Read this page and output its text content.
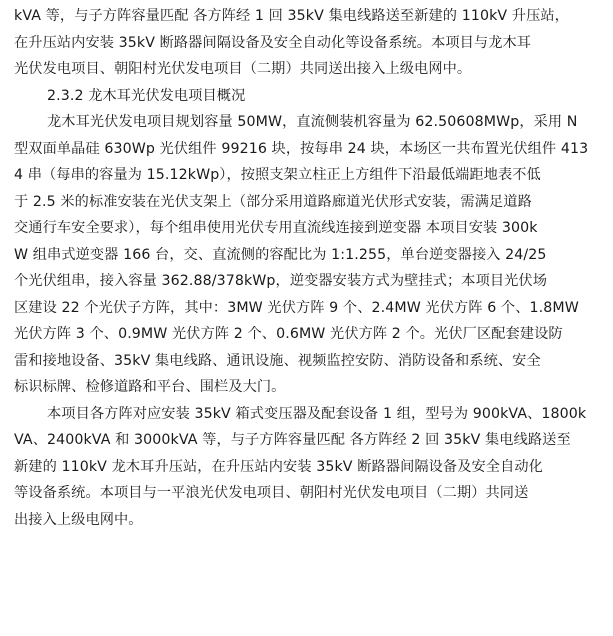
kVA 等，与子方阵容量匹配 各方阵经 1 回 35kV 集电线路送至新建的 110kV 升压站，
在升压站内安装 35kV 断路器间隔设备及安全自动化等设备系统。本项目与龙木耳
光伏发电项目、朝阳村光伏发电项目（二期）共同送出接入上级电网中。
2.3.2 龙木耳光伏发电项目概况
龙木耳光伏发电项目规划容量 50MW，直流侧装机容量为 62.50608MWp，采用 N
型双面单晶硅 630Wp 光伏组件 99216 块，按每串 24 块，本场区一共布置光伏组件 413
4 串（每串的容量为 15.12kWp），按照支架立柱正上方组件下沿最低端距地表不低
于 2.5 米的标准安装在光伏支架上（部分采用道路廊道光伏形式安装，需满足道路
交通行车安全要求），每个组串使用光伏专用直流线连接到逆变器 本项目安装 300k
W 组串式逆变器 166 台，交、直流侧的容配比为 1:1.255，单台逆变器接入 24/25
个光伏组串，接入容量 362.88/378kWp，逆变器安装方式为壁挂式；本项目光伏场
区建设 22 个光伏子方阵，其中：3MW 光伏方阵 9 个、2.4MW 光伏方阵 6 个、1.8MW
光伏方阵 3 个、0.9MW 光伏方阵 2 个、0.6MW 光伏方阵 2 个。光伏厂区配套建设防
雷和接地设备、35kV 集电线路、通讯设施、视频监控安防、消防设备和系统、安全
标识标牌、检修道路和平台、围栏及大门。
本项目各方阵对应安装 35kV 箱式变压器及配套设备 1 组，型号为 900kVA、1800k
VA、2400kVA 和 3000kVA 等，与子方阵容量匹配 各方阵经 2 回 35kV 集电线路送至
新建的 110kV 龙木耳升压站，在升压站内安装 35kV 断路器间隔设备及安全自动化
等设备系统。本项目与一平浪光伏发电项目、朝阳村光伏发电项目（二期）共同送
出接入上级电网中。
